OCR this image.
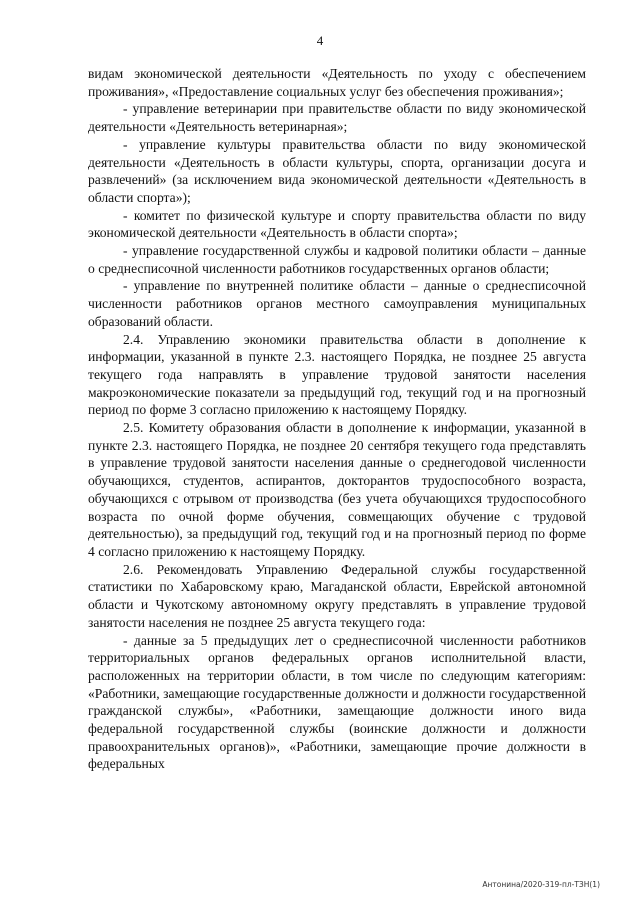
4

видам экономической деятельности «Деятельность по уходу с обеспечением проживания», «Предоставление социальных услуг без обеспечения проживания»;

- управление ветеринарии при правительстве области по виду экономической деятельности «Деятельность ветеринарная»;

- управление культуры правительства области по виду экономической деятельности «Деятельность в области культуры, спорта, организации досуга и развлечений» (за исключением вида экономической деятельности «Деятельность в области спорта»);

- комитет по физической культуре и спорту правительства области по виду экономической деятельности «Деятельность в области спорта»;

- управление государственной службы и кадровой политики области – данные о среднесписочной численности работников государственных органов области;

- управление по внутренней политике области – данные о среднесписочной численности работников органов местного самоуправления муниципальных образований области.

2.4. Управлению экономики правительства области в дополнение к информации, указанной в пункте 2.3. настоящего Порядка, не позднее 25 августа текущего года направлять в управление трудовой занятости населения макроэкономические показатели за предыдущий год, текущий год и на прогнозный период по форме 3 согласно приложению к настоящему Порядку.

2.5. Комитету образования области в дополнение к информации, указанной в пункте 2.3. настоящего Порядка, не позднее 20 сентября текущего года представлять в управление трудовой занятости населения данные о среднегодовой численности обучающихся, студентов, аспирантов, докторантов трудоспособного возраста, обучающихся с отрывом от производства (без учета обучающихся трудоспособного возраста по очной форме обучения, совмещающих обучение с трудовой деятельностью), за предыдущий год, текущий год и на прогнозный период по форме 4 согласно приложению к настоящему Порядку.

2.6. Рекомендовать Управлению Федеральной службы государственной статистики по Хабаровскому краю, Магаданской области, Еврейской автономной области и Чукотскому автономному округу представлять в управление трудовой занятости населения не позднее 25 августа текущего года:

- данные за 5 предыдущих лет о среднесписочной численности работников территориальных органов федеральных органов исполнительной власти, расположенных на территории области, в том числе по следующим категориям: «Работники, замещающие государственные должности и должности государственной гражданской службы», «Работники, замещающие должности иного вида федеральной государственной службы (воинские должности и должности правоохранительных органов)», «Работники, замещающие прочие должности в федеральных

Антонина/2020-319-пл-ТЗН(1)
